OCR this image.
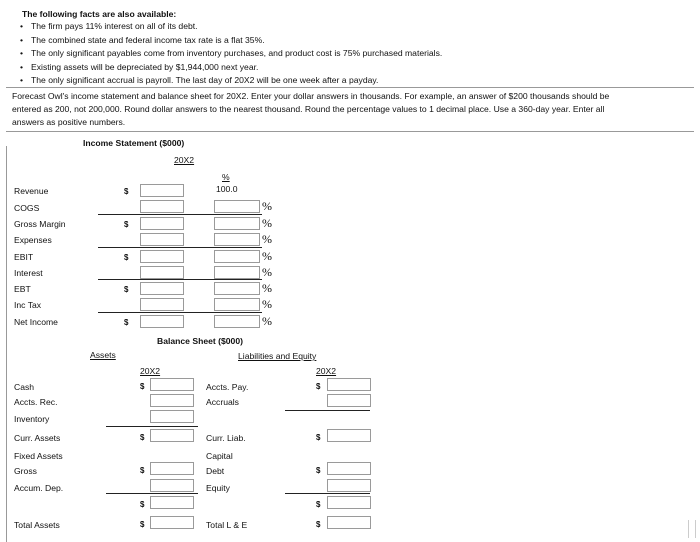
The following facts are also available:
• The firm pays 11% interest on all of its debt.
• The combined state and federal income tax rate is a flat 35%.
• The only significant payables come from inventory purchases, and product cost is 75% purchased materials.
• Existing assets will be depreciated by $1,944,000 next year.
• The only significant accrual is payroll. The last day of 20X2 will be one week after a payday.
Forecast Owl's income statement and balance sheet for 20X2. Enter your dollar answers in thousands. For example, an answer of $200 thousands should be
entered as 200, not 200,000. Round dollar answers to the nearest thousand. Round the percentage values to 1 decimal place. Use a 360-day year. Enter all
answers as positive numbers.
Income Statement ($000)
20X2
%
100.0
Revenue
COGS
Gross Margin
Expenses
EBIT
Interest
EBT
Inc Tax
Net Income
$
$
$
$
$
%
%
%
%
%
%
%
%
Balance Sheet ($000)
Assets	Liabilities and Equity
20X2	20X2
Cash
Accts. Rec.
Inventory
Curr. Assets
Fixed Assets
Gross
Accum. Dep.
Total Assets
$
$
$
$
$
Accts. Pay.
Accruals
Curr. Liab.
Capital
Debt
Equity
Total L & E
$
$
$
$
$
